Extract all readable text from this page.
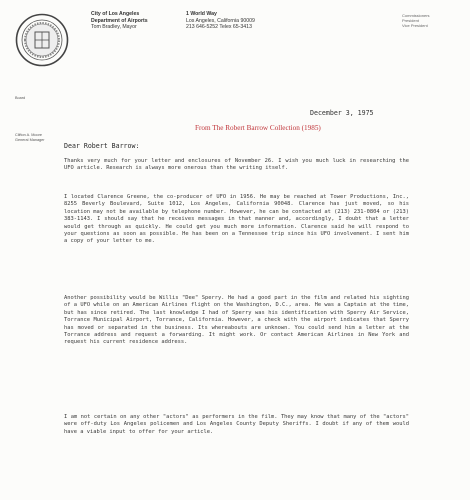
City of Los Angeles
Department of Airports
Tom Bradley, Mayor
1 World Way
Los Angeles, California 90009
213 646-5252 Telex 65-3413
Commissioners
President
Vice President
Board
Clifton A. Moore
General Manager
December 3, 1975
From The Robert Barrow Collection (1985)
Dear Robert Barrow:
Thanks very much for your letter and enclosures of November 26. I wish you much luck in researching the UFO article. Research is always more onerous than the writing itself.
I located Clarence Greene, the co-producer of UFO in 1956. He may be reached at Tower Productions, Inc., 8255 Beverly Boulevard, Suite 1012, Los Angeles, California 90048. Clarence has just moved, so his location may not be available by telephone number. However, he can be contacted at (213) 231-0804 or (213) 383-1143. I should say that he receives messages in that manner and, accordingly, I doubt that a letter would get through as quickly. He could get you much more information. Clarence said he will respond to your questions as soon as possible. He has been on a Tennessee trip since his UFO involvement. I sent him a copy of your letter to me.
Another possibility would be Willis "Dee" Sperry. He had a good part in the film and related his sighting of a UFO while on an American Airlines flight on the Washington, D.C., area. He was a Captain at the time, but has since retired. The last knowledge I had of Sperry was his identification with Sperry Air Service, Torrance Municipal Airport, Torrance, California. However, a check with the airport indicates that Sperry has moved or separated in the business. Its whereabouts are unknown. You could send him a letter at the Torrance address and request a forwarding. It might work. Or contact American Airlines in New York and request his current residence address.
I am not certain on any other "actors" as performers in the film. They may know that many of the "actors" were off-duty Los Angeles policemen and Los Angeles County Deputy Sheriffs. I doubt if any of them would have a viable input to offer for your article.
